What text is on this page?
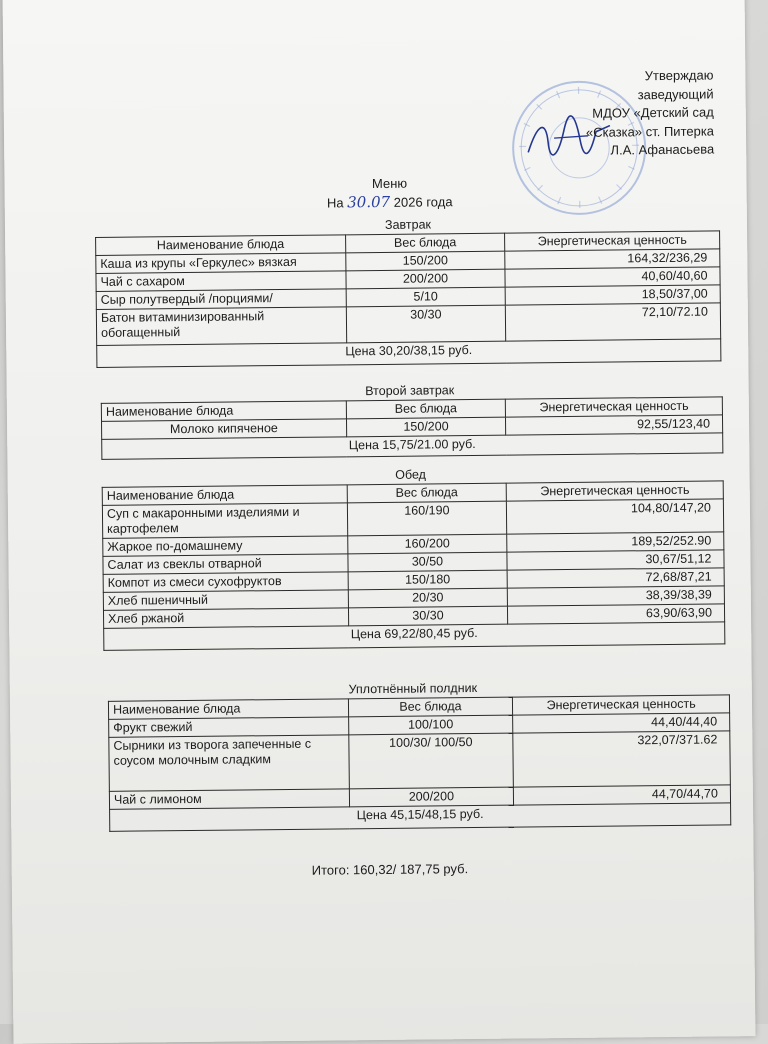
Утверждаю
заведующий
МДОУ «Детский сад
«Сказка» ст. Питерка
Л.А. Афанасьева
Меню
На 30.07 2026 года
Завтрак
Наименование блюда	Вес блюда	Энергетическая ценность
Каша из крупы «Геркулес» вязкая	150/200	164,32/236,29
Чай с сахаром	200/200	40,60/40,60
Сыр полутвердый /порциями/	5/10	18,50/37,00
Батон витаминизированный обогащенный	30/30	72,10/72.10
Цена 30,20/38,15 руб.		
Второй завтрак
Наименование блюда	Вес блюда	Энергетическая ценность
Молоко кипяченое	150/200	92,55/123,40
Цена 15,75/21.00 руб.		
Обед
Наименование блюда	Вес блюда	Энергетическая ценность
Суп с макаронными изделиями и картофелем	160/190	104,80/147,20
Жаркое по-домашнему	160/200	189,52/252.90
Салат из свеклы отварной	30/50	30,67/51,12
Компот из смеси сухофруктов	150/180	72,68/87,21
Хлеб пшеничный	20/30	38,39/38,39
Хлеб ржаной	30/30	63,90/63,90
Цена 69,22/80,45 руб.		
Уплотнённый полдник
Наименование блюда	Вес блюда	Энергетическая ценность
Фрукт свежий	100/100	44,40/44,40
Сырники из творога запеченные с соусом молочным сладким	100/30/ 100/50	322,07/371.62
Чай с лимоном	200/200	44,70/44,70
Цена 45,15/48,15 руб.		
Итого: 160,32/ 187,75 руб.
